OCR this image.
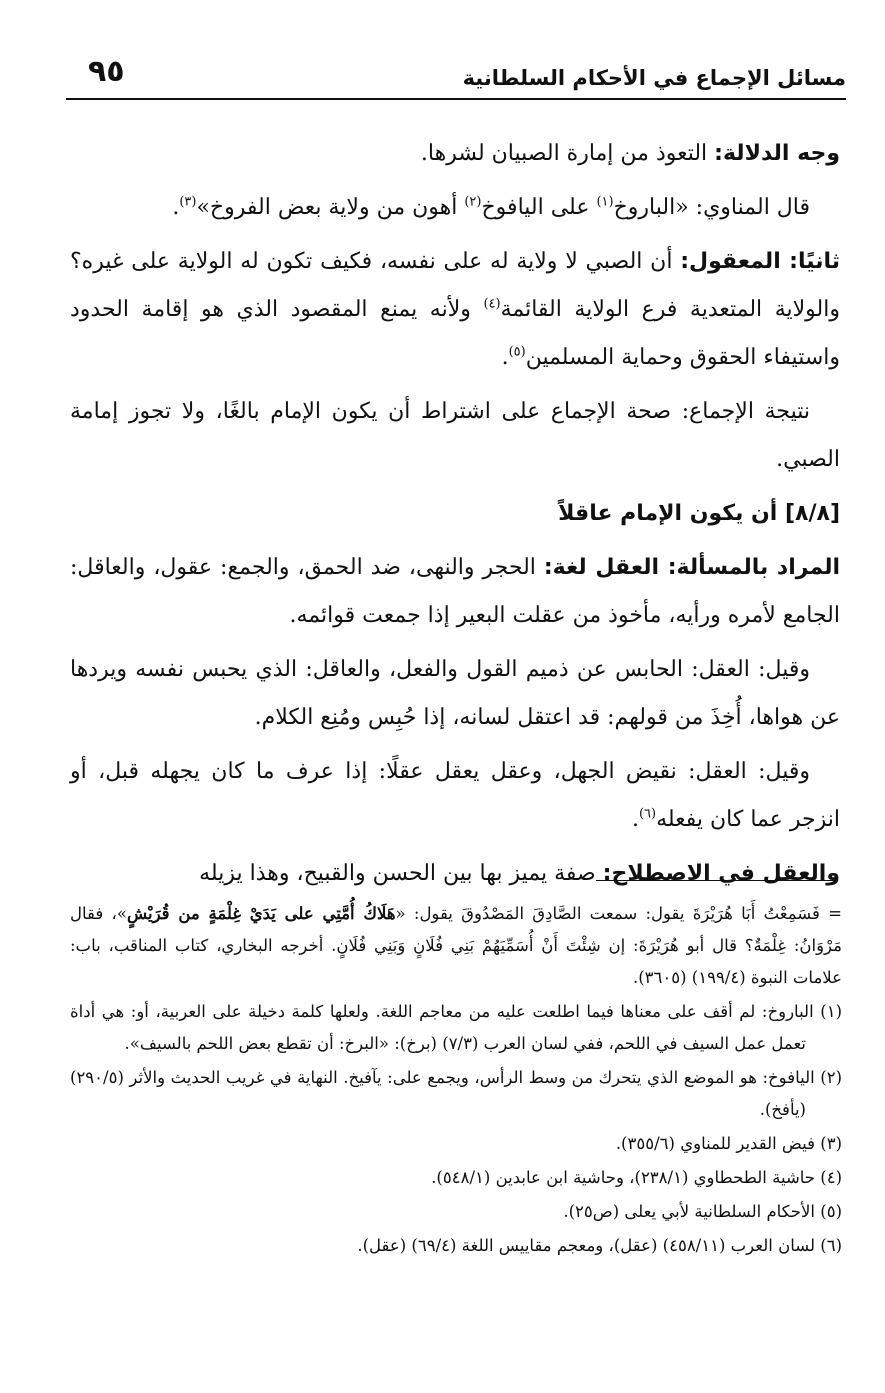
٩٥	مسائل الإجماع في الأحكام السلطانية

وجه الدلالة: التعوذ من إمارة الصبيان لشرها.

قال المناوي: «الباروخ$^{(١)}$ على اليافوخ$^{(٢)}$ أهون من ولاية بعض الفروخ»$^{(٣)}$.

ثانيًا: المعقول: أن الصبي لا ولاية له على نفسه، فكيف تكون له الولاية على غيره؟ والولاية المتعدية فرع الولاية القائمة$^{(٤)}$ ولأنه يمنع المقصود الذي هو إقامة الحدود واستيفاء الحقوق وحماية المسلمين$^{(٥)}$.

نتيجة الإجماع: صحة الإجماع على اشتراط أن يكون الإمام بالغًا، ولا تجوز إمامة الصبي.

[٨/٨] أن يكون الإمام عاقلاً

المراد بالمسألة: العقل لغة: الحجر والنهى، ضد الحمق، والجمع: عقول، والعاقل: الجامع لأمره ورأيه، مأخوذ من عقلت البعير إذا جمعت قوائمه.

وقيل: العقل: الحابس عن ذميم القول والفعل، والعاقل: الذي يحبس نفسه ويردها عن هواها، أُخِذَ من قولهم: قد اعتقل لسانه، إذا حُبِس ومُنِع الكلام.

وقيل: العقل: نقيض الجهل، وعقل يعقل عقلًا: إذا عرف ما كان يجهله قبل، أو انزجر عما كان يفعله$^{(٦)}$.

والعقل في الاصطلاح: صفة يميز بها بين الحسن والقبيح، وهذا يزيله

= فَسَمِعْتُ أَبَا هُرَيْرَةَ يقول: سمعت الصَّادِقَ المَصْدُوقَ يقول: «هَلَاكُ أُمَّتِي على يَدَيْ غِلْمَةٍ من قُرَيْشٍ»، فقال مَرْوَانُ: غِلْمَةٌ؟ قال أبو هُرَيْرَةَ: إن شِئْتَ أَنْ أُسَمِّيَهُمْ بَنِي فُلَانٍ وَبَنِي فُلَانٍ. أخرجه البخاري، كتاب المناقب، باب: علامات النبوة (١٩٩/٤) (٣٦٠٥).

(١) الباروخ: لم أقف على معناها فيما اطلعت عليه من معاجم اللغة. ولعلها كلمة دخيلة على العربية، أو: هي أداة تعمل عمل السيف في اللحم، ففي لسان العرب (٧/٣) (برخ): «البرخ: أن تقطع بعض اللحم بالسيف».

(٢) اليافوخ: هو الموضع الذي يتحرك من وسط الرأس، ويجمع على: يآفيخ. النهاية في غريب الحديث والأثر (٢٩٠/٥) (يأفخ).

(٣) فيض القدير للمناوي (٣٥٥/٦).

(٤) حاشية الطحطاوي (٢٣٨/١)، وحاشية ابن عابدين (٥٤٨/١).

(٥) الأحكام السلطانية لأبي يعلى (ص٢٥).

(٦) لسان العرب (٤٥٨/١١) (عقل)، ومعجم مقاييس اللغة (٦٩/٤) (عقل).
